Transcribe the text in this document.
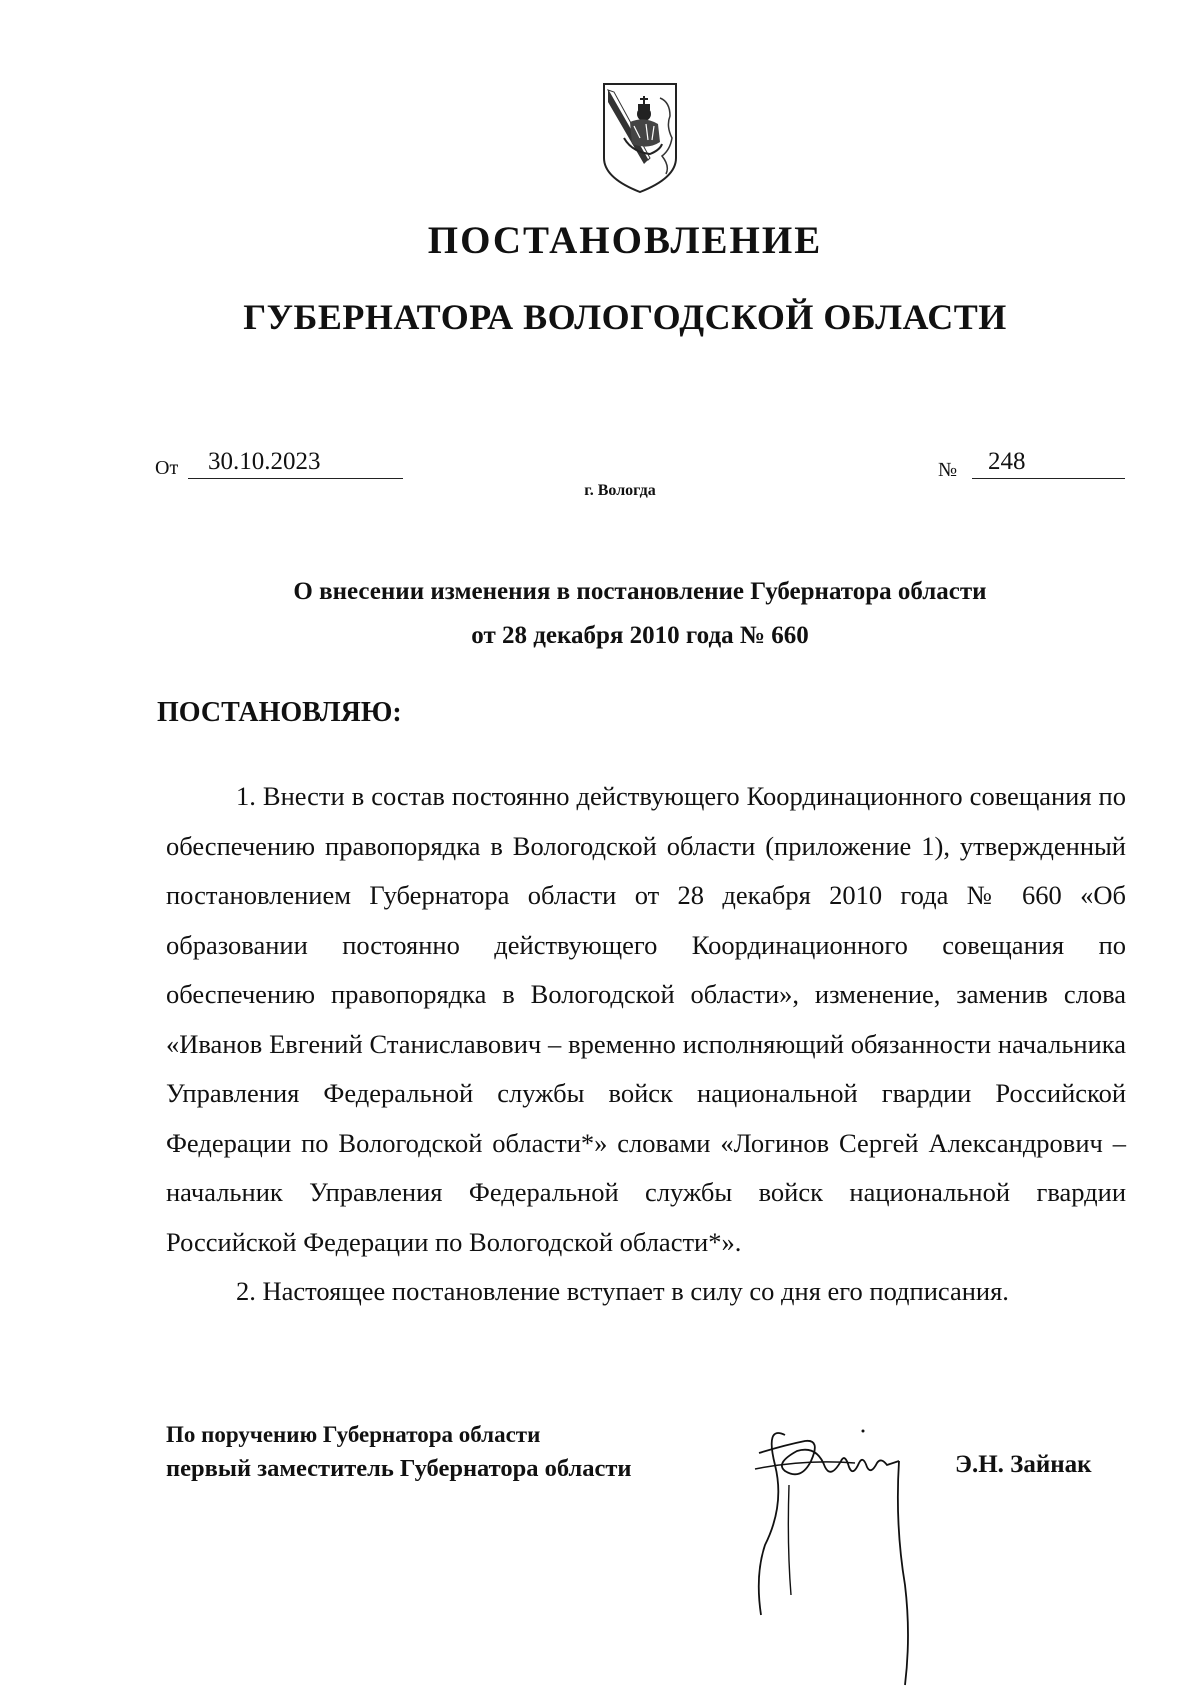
ПОСТАНОВЛЕНИЕ
ГУБЕРНАТОРА ВОЛОГОДСКОЙ ОБЛАСТИ
От 30.10.2023	№ 248
г. Вологда
О внесении изменения в постановление Губернатора области
от 28 декабря 2010 года № 660
ПОСТАНОВЛЯЮ:

1. Внести в состав постоянно действующего Координационного совещания по обеспечению правопорядка в Вологодской области (приложение 1), утвержденный постановлением Губернатора области от 28 декабря 2010 года № 660 «Об образовании постоянно действующего Координационного совещания по обеспечению правопорядка в Вологодской области», изменение, заменив слова «Иванов Евгений Станиславович – временно исполняющий обязанности начальника Управления Федеральной службы войск национальной гвардии Российской Федерации по Вологодской области*» словами «Логинов Сергей Александрович – начальник Управления Федеральной службы войск национальной гвардии Российской Федерации по Вологодской области*».

2. Настоящее постановление вступает в силу со дня его подписания.

По поручению Губернатора области
первый заместитель Губернатора области	Э.Н. Зайнак
